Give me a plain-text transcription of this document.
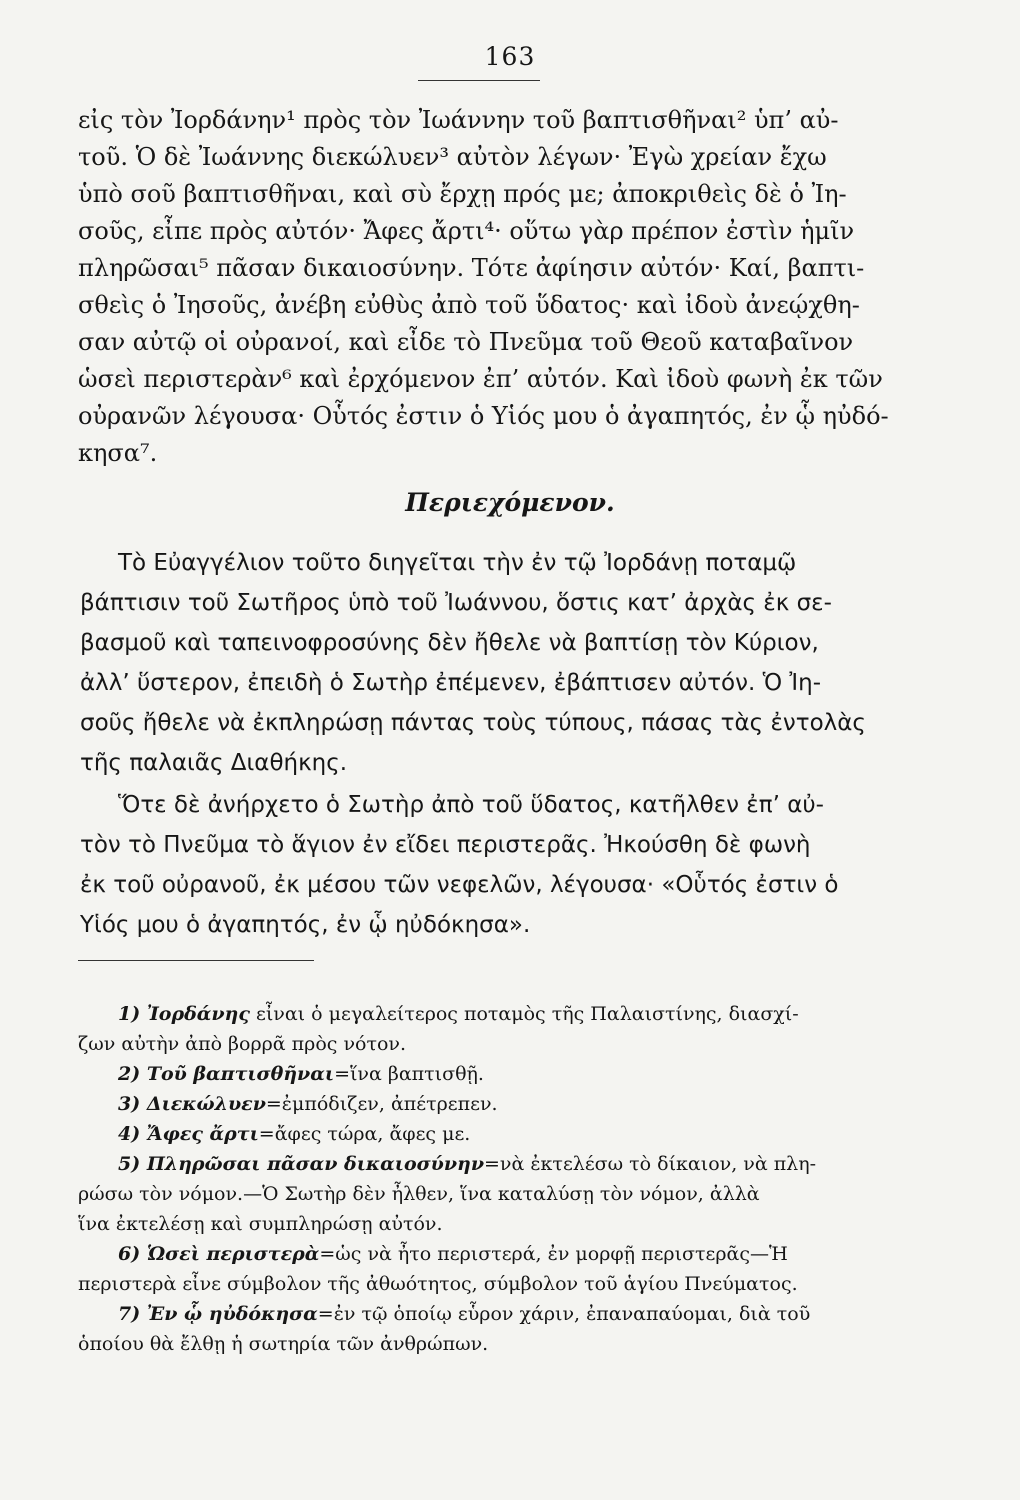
163
εἰς τὸν Ἰορδάνην¹ πρὸς τὸν Ἰωάννην τοῦ βαπτισθῆναι² ὑπ’ αὐ-
τοῦ. Ὁ δὲ Ἰωάννης διεκώλυεν³ αὐτὸν λέγων· Ἐγὼ χρείαν ἔχω
ὑπὸ σοῦ βαπτισθῆναι, καὶ σὺ ἔρχῃ πρός με; ἀποκριθεὶς δὲ ὁ Ἰη-
σοῦς, εἶπε πρὸς αὐτόν· Ἄφες ἄρτι⁴· οὕτω γὰρ πρέπον ἐστὶν ἡμῖν
πληρῶσαι⁵ πᾶσαν δικαιοσύνην. Τότε ἀφίησιν αὐτόν· Καί, βαπτι-
σθεὶς ὁ Ἰησοῦς, ἀνέβη εὐθὺς ἀπὸ τοῦ ὕδατος· καὶ ἰδοὺ ἀνεῴχθη-
σαν αὐτῷ οἱ οὐρανοί, καὶ εἶδε τὸ Πνεῦμα τοῦ Θεοῦ καταβαῖνον
ὡσεὶ περιστερὰν⁶ καὶ ἐρχόμενον ἐπ’ αὐτόν. Καὶ ἰδοὺ φωνὴ ἐκ τῶν
οὐρανῶν λέγουσα· Οὗτός ἐστιν ὁ Υἱός μου ὁ ἀγαπητός, ἐν ᾧ ηὐδό-
κησα⁷.
Περιεχόμενον.
Τὸ Εὐαγγέλιον τοῦτο διηγεῖται τὴν ἐν τῷ Ἰορδάνῃ ποταμῷ
βάπτισιν τοῦ Σωτῆρος ὑπὸ τοῦ Ἰωάννου, ὅστις κατ’ ἀρχὰς ἐκ σε-
βασμοῦ καὶ ταπεινοφροσύνης δὲν ἤθελε νὰ βαπτίσῃ τὸν Κύριον,
ἀλλ’ ὕστερον, ἐπειδὴ ὁ Σωτὴρ ἐπέμενεν, ἐβάπτισεν αὐτόν. Ὁ Ἰη-
σοῦς ἤθελε νὰ ἐκπληρώσῃ πάντας τοὺς τύπους, πάσας τὰς ἐντολὰς
τῆς παλαιᾶς Διαθήκης.
Ὅτε δὲ ἀνήρχετο ὁ Σωτὴρ ἀπὸ τοῦ ὕδατος, κατῆλθεν ἐπ’ αὐ-
τὸν τὸ Πνεῦμα τὸ ἅγιον ἐν εἴδει περιστερᾶς. Ἠκούσθη δὲ φωνὴ
ἐκ τοῦ οὐρανοῦ, ἐκ μέσου τῶν νεφελῶν, λέγουσα· «Οὗτός ἐστιν ὁ
Υἱός μου ὁ ἀγαπητός, ἐν ᾧ ηὐδόκησα».
1) Ἰορδάνης εἶναι ὁ μεγαλείτερος ποταμὸς τῆς Παλαιστίνης, διασχί-
ζων αὐτὴν ἀπὸ βορρᾶ πρὸς νότον.
2) Τοῦ βαπτισθῆναι=ἵνα βαπτισθῇ.
3) Διεκώλυεν=ἐμπόδιζεν, ἀπέτρεπεν.
4) Ἄφες ἄρτι=ἄφες τώρα, ἄφες με.
5) Πληρῶσαι πᾶσαν δικαιοσύνην=νὰ ἐκτελέσω τὸ δίκαιον, νὰ πλη-
ρώσω τὸν νόμον.—Ὁ Σωτὴρ δὲν ἦλθεν, ἵνα καταλύσῃ τὸν νόμον, ἀλλὰ
ἵνα ἐκτελέσῃ καὶ συμπληρώσῃ αὐτόν.
6) Ὡσεὶ περιστερὰ=ὡς νὰ ἦτο περιστερά, ἐν μορφῇ περιστερᾶς—Ἡ
περιστερὰ εἶνε σύμβολον τῆς ἀθωότητος, σύμβολον τοῦ ἁγίου Πνεύματος.
7) Ἐν ᾧ ηὐδόκησα=ἐν τῷ ὁποίῳ εὗρον χάριν, ἐπαναπαύομαι, διὰ τοῦ
ὁποίου θὰ ἔλθῃ ἡ σωτηρία τῶν ἀνθρώπων.
